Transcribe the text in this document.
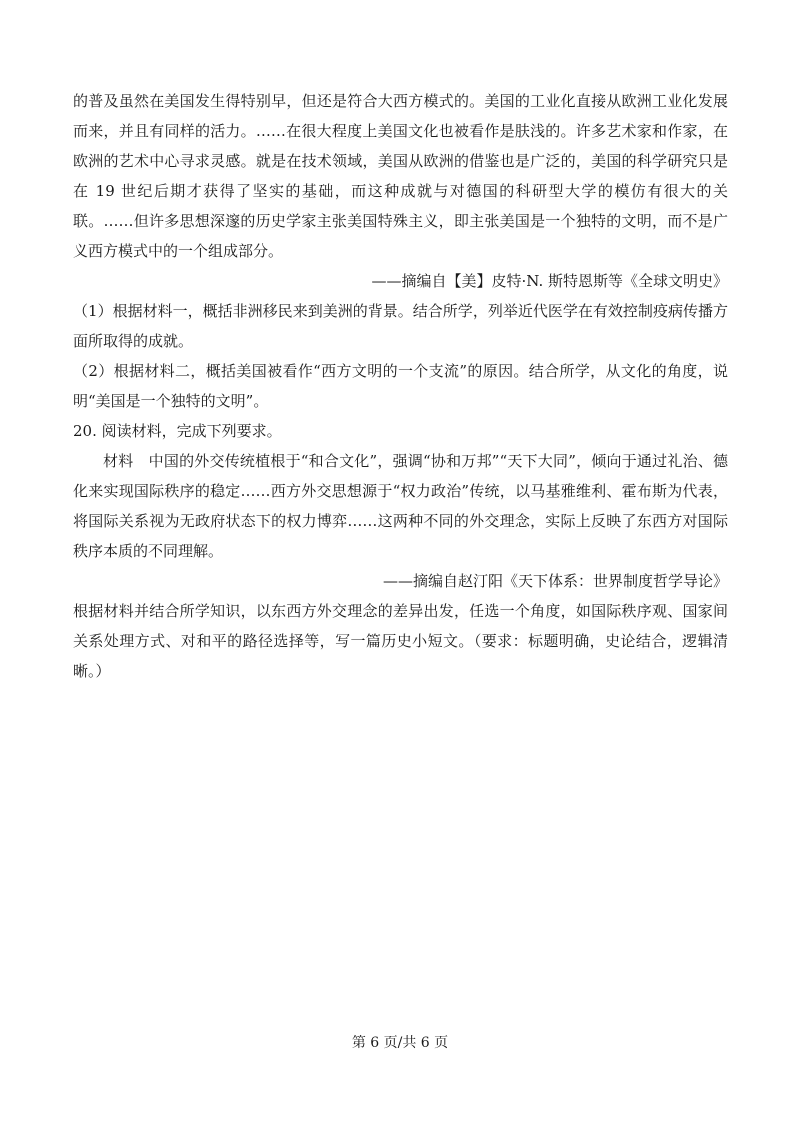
的普及虽然在美国发生得特别早，但还是符合大西方模式的。美国的工业化直接从欧洲工业化发展而来，并且有同样的活力。……在很大程度上美国文化也被看作是肤浅的。许多艺术家和作家，在欧洲的艺术中心寻求灵感。就是在技术领域，美国从欧洲的借鉴也是广泛的，美国的科学研究只是在 19 世纪后期才获得了坚实的基础，而这种成就与对德国的科研型大学的模仿有很大的关联。……但许多思想深邃的历史学家主张美国特殊主义，即主张美国是一个独特的文明，而不是广义西方模式中的一个组成部分。

——摘编自【美】皮特·N. 斯特恩斯等《全球文明史》

（1）根据材料一，概括非洲移民来到美洲的背景。结合所学，列举近代医学在有效控制疫病传播方面所取得的成就。

（2）根据材料二，概括美国被看作“西方文明的一个支流”的原因。结合所学，从文化的角度，说明“美国是一个独特的文明”。

20. 阅读材料，完成下列要求。

材料　中国的外交传统植根于“和合文化”，强调“协和万邦”“天下大同”，倾向于通过礼治、德化来实现国际秩序的稳定……西方外交思想源于“权力政治”传统，以马基雅维利、霍布斯为代表，将国际关系视为无政府状态下的权力博弈……这两种不同的外交理念，实际上反映了东西方对国际秩序本质的不同理解。

——摘编自赵汀阳《天下体系：世界制度哲学导论》

根据材料并结合所学知识，以东西方外交理念的差异出发，任选一个角度，如国际秩序观、国家间关系处理方式、对和平的路径选择等，写一篇历史小短文。（要求：标题明确，史论结合，逻辑清晰。）

第 6 页/共 6 页
